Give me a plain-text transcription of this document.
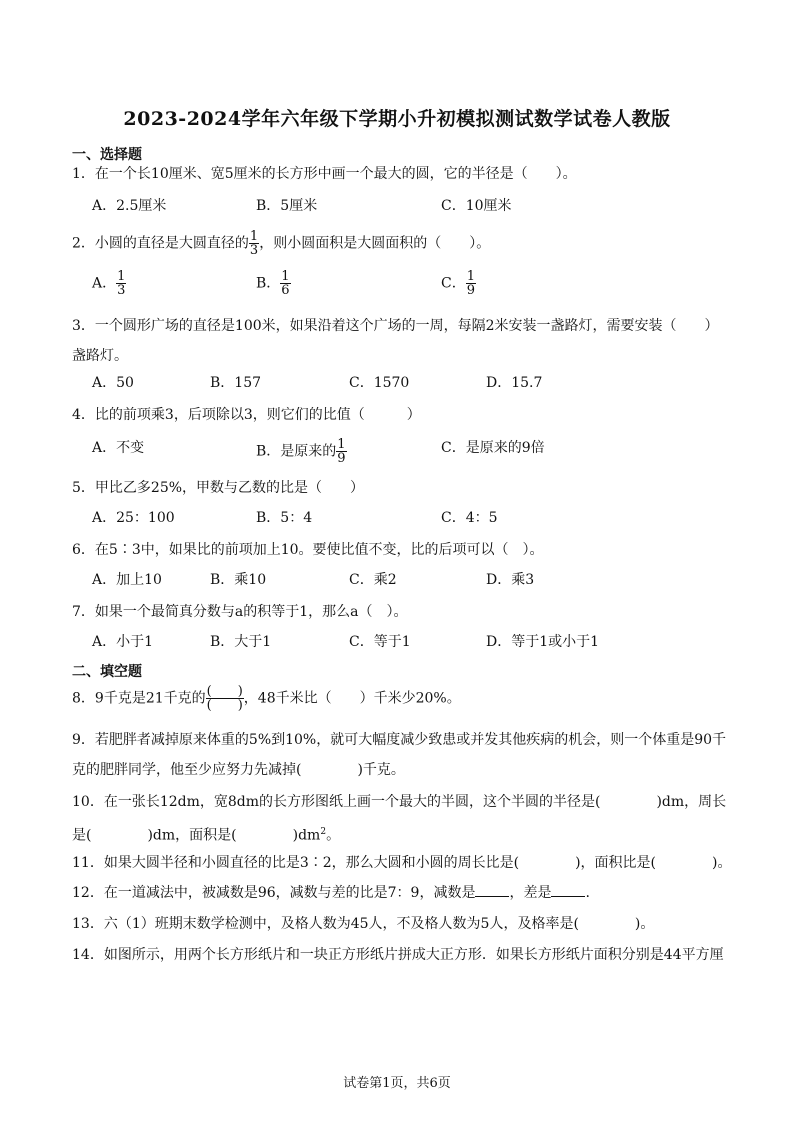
2023-2024学年六年级下学期小升初模拟测试数学试卷人教版
一、选择题
1．在一个长10厘米、宽5厘米的长方形中画一个最大的圆，它的半径是（　　）。
A．2.5厘米	B．5厘米	C．10厘米
2．小圆的直径是大圆直径的 $\frac{1}{3}$ ，则小圆面积是大圆面积的（　　）。
A． $\frac{1}{3}$	B． $\frac{1}{6}$	C． $\frac{1}{9}$
3．一个圆形广场的直径是100米，如果沿着这个广场的一周，每隔2米安装一盏路灯，需要安装（　　）盏路灯。
A．50	B．157	C．1570	D．15.7
4．比的前项乘3，后项除以3，则它们的比值（　　　）
A．不变	B．是原来的 $\frac{1}{9}$	C．是原来的9倍
5．甲比乙多25%，甲数与乙数的比是（　　）
A．25：100	B．5：4	C．4：5
6．在5∶3中，如果比的前项加上10。要使比值不变，比的后项可以（　）。
A．加上10	B．乘10	C．乘2	D．乘3
7．如果一个最简真分数与a的积等于1，那么a（　）。
A．小于1	B．大于1	C．等于1	D．等于1或小于1
二、填空题
8．9千克是21千克的 $\frac{( )}{( )}$ ，48千米比（　　）千米少20%。
9．若肥胖者减掉原来体重的5%到10%，就可大幅度减少致患或并发其他疾病的机会，则一个体重是90千克的肥胖同学，他至少应努力先减掉(　　　　)千克。
10．在一张长12dm，宽8dm的长方形图纸上画一个最大的半圆，这个半圆的半径是(　　　　)dm，周长是(　　　　)dm，面积是(　　　　)$dm^2$。
11．如果大圆半径和小圆直径的比是3∶2，那么大圆和小圆的周长比是(　　　　)，面积比是(　　　　)。
12．在一道减法中，被减数是96，减数与差的比是7：9，减数是 ，差是 .
13．六（1）班期末数学检测中，及格人数为45人，不及格人数为5人，及格率是(　　　　)。
14．如图所示，用两个长方形纸片和一块正方形纸片拼成大正方形．如果长方形纸片面积分别是44平方厘
试卷第1页，共6页
